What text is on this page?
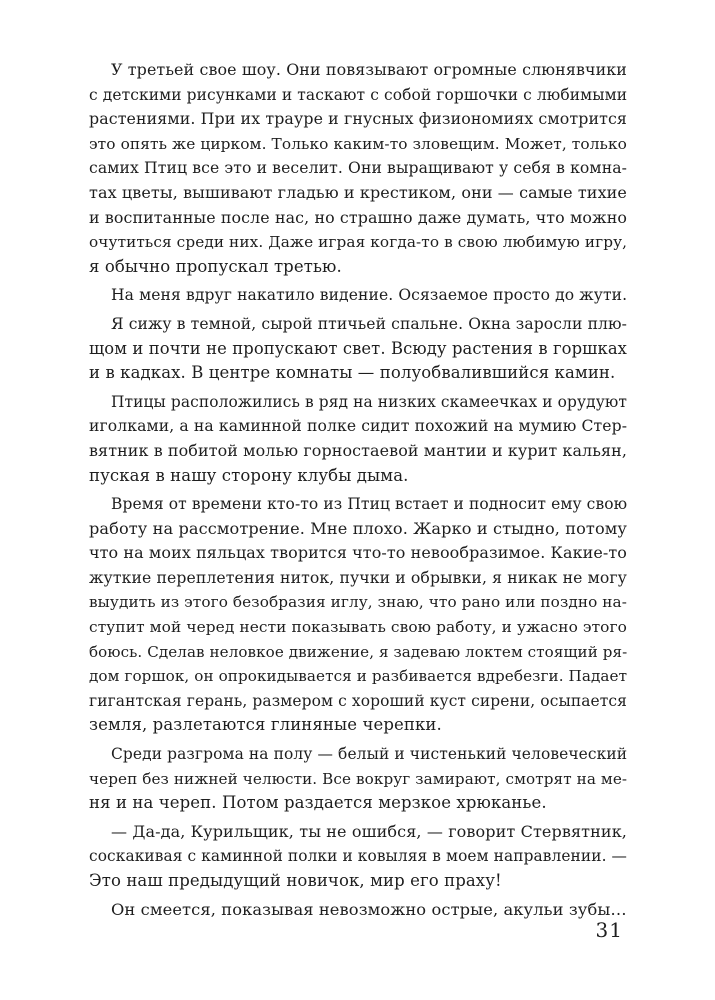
У третьей свое шоу. Они повязывают огромные слюнявчики
с детскими рисунками и таскают с собой горшочки с любимыми
растениями. При их трауре и гнусных физиономиях смотрится
это опять же цирком. Только каким-то зловещим. Может, только
самих Птиц все это и веселит. Они выращивают у себя в комна-
тах цветы, вышивают гладью и крестиком, они — самые тихие
и воспитанные после нас, но страшно даже думать, что можно
очутиться среди них. Даже играя когда-то в свою любимую игру,
я обычно пропускал третью.

На меня вдруг накатило видение. Осязаемое просто до жути.

Я сижу в темной, сырой птичьей спальне. Окна заросли плю-
щом и почти не пропускают свет. Всюду растения в горшках
и в кадках. В центре комнаты — полуобвалившийся камин.

Птицы расположились в ряд на низких скамеечках и орудуют
иголками, а на каминной полке сидит похожий на мумию Стер-
вятник в побитой молью горностаевой мантии и курит кальян,
пуская в нашу сторону клубы дыма.

Время от времени кто-то из Птиц встает и подносит ему свою
работу на рассмотрение. Мне плохо. Жарко и стыдно, потому
что на моих пяльцах творится что-то невообразимое. Какие-то
жуткие переплетения ниток, пучки и обрывки, я никак не могу
выудить из этого безобразия иглу, знаю, что рано или поздно на-
ступит мой черед нести показывать свою работу, и ужасно этого
боюсь. Сделав неловкое движение, я задеваю локтем стоящий ря-
дом горшок, он опрокидывается и разбивается вдребезги. Падает
гигантская герань, размером с хороший куст сирени, осыпается
земля, разлетаются глиняные черепки.

Среди разгрома на полу — белый и чистенький человеческий
череп без нижней челюсти. Все вокруг замирают, смотрят на ме-
ня и на череп. Потом раздается мерзкое хрюканье.

— Да-да, Курильщик, ты не ошибся, — говорит Стервятник,
соскакивая с каминной полки и ковыляя в моем направлении. —
Это наш предыдущий новичок, мир его праху!

Он смеется, показывая невозможно острые, акульи зубы…

31
